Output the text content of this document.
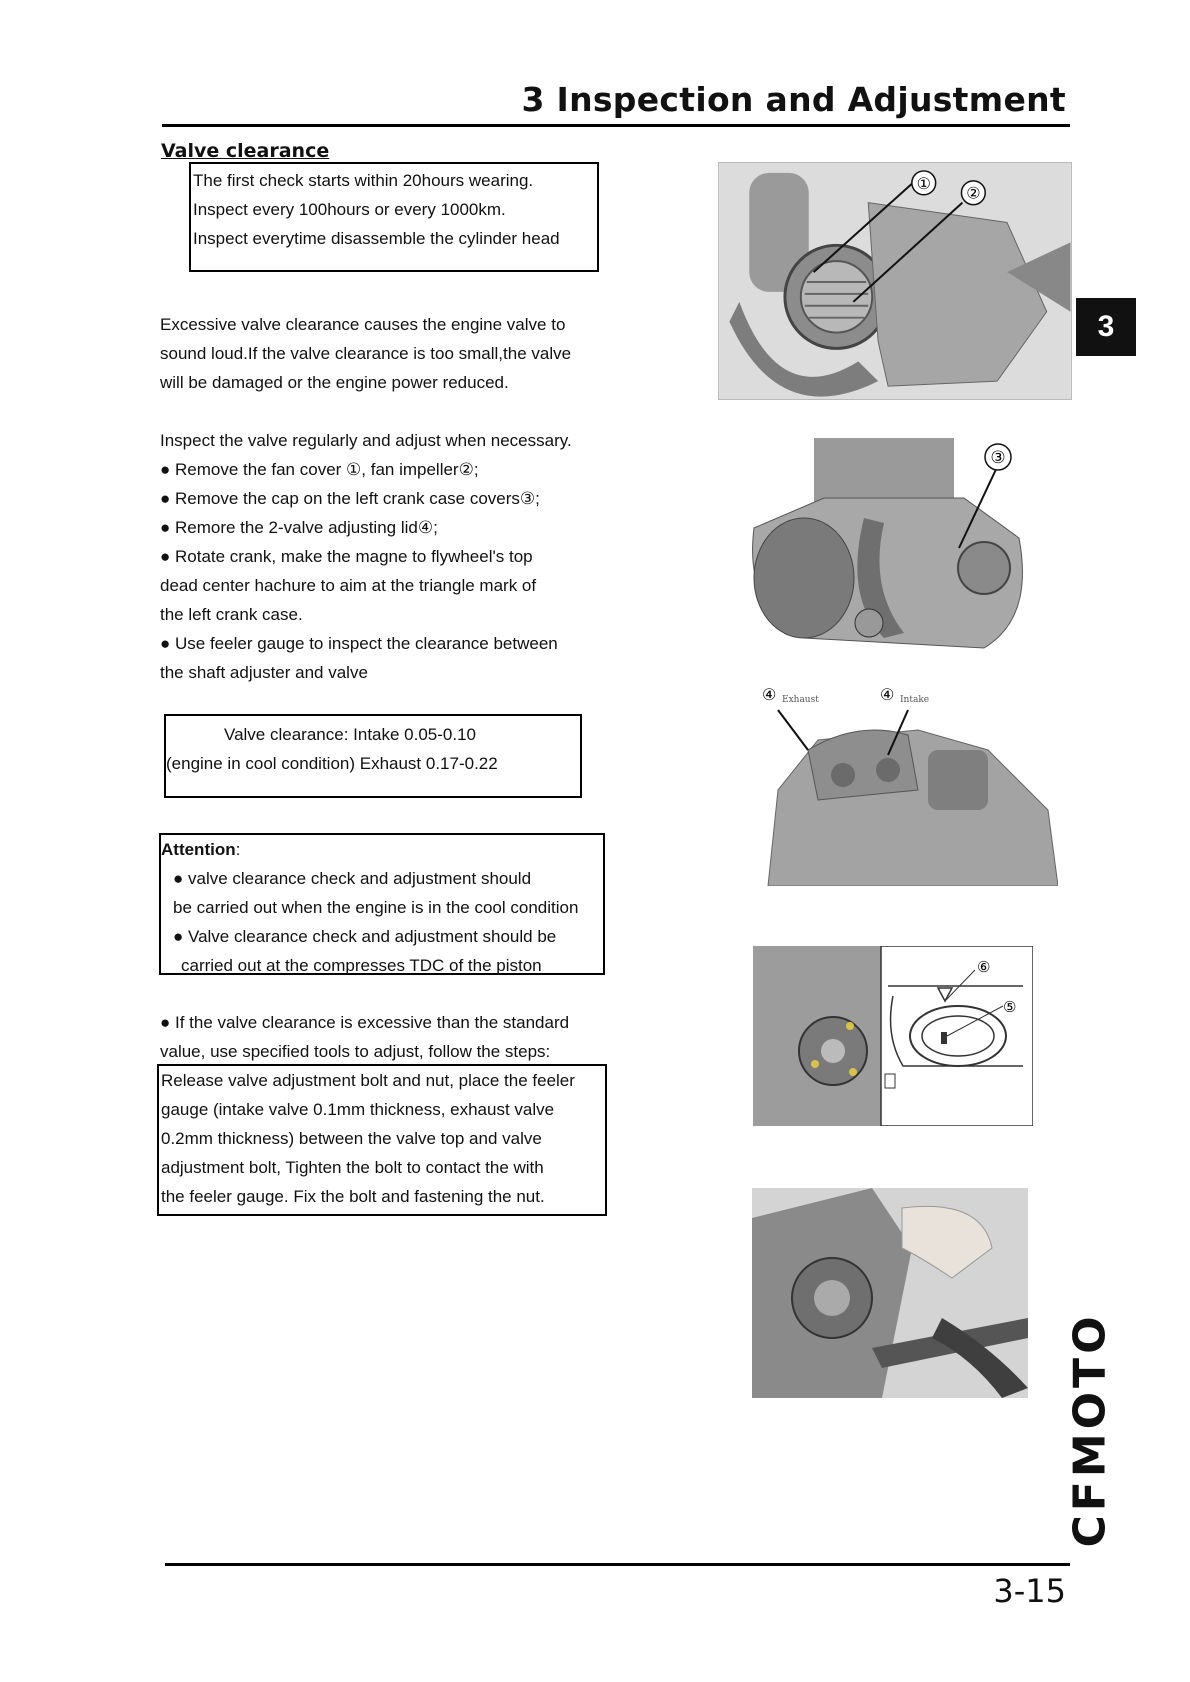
3 Inspection and Adjustment
3
Valve clearance

The first check starts within 20hours wearing.

Inspect every 100hours or every 1000km.

Inspect everytime disassemble the cylinder head

Excessive valve clearance causes the engine valve to

sound loud.If the valve clearance is too small,the valve

will be damaged or the engine power reduced.

Inspect the valve regularly and adjust when necessary.

● Remove the fan cover ①, fan impeller②;

● Remove the cap on the left crank case covers③;

● Remore the 2-valve adjusting lid④;

● Rotate crank, make the magne to flywheel's top

dead center hachure to aim at the triangle mark of

the left crank case.

● Use feeler gauge to inspect the clearance between

the shaft adjuster and valve

Valve clearance: Intake 0.05-0.10

(engine in cool condition) Exhaust 0.17-0.22

Attention:

● valve clearance check and adjustment should

be carried out when the engine is in the cool condition

● Valve clearance check and adjustment should be

carried out at the compresses TDC of the piston

● If the valve clearance is excessive than the standard

value, use specified tools to adjust, follow the steps:

Release valve adjustment bolt and nut, place the feeler

gauge (intake valve 0.1mm thickness, exhaust valve

0.2mm thickness) between the valve top and valve

adjustment bolt, Tighten the bolt to contact the with

the feeler gauge. Fix the bolt and fastening the nut.

①
②
③
④ Exhaust	④ Intake
⑥
⑤
CFMOTO
3-15
